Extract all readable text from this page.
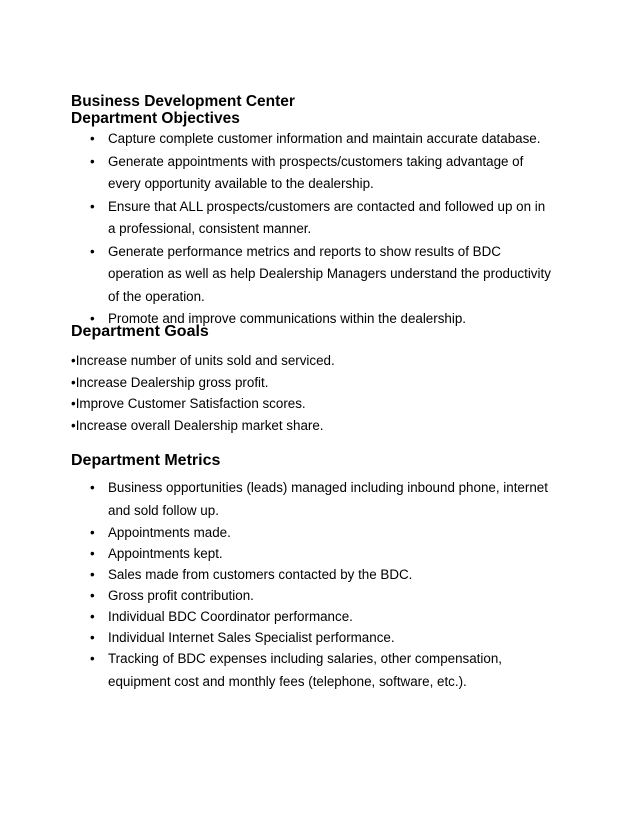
Business Development Center
Department Objectives
• Capture complete customer information and maintain accurate database.
• Generate appointments with prospects/customers taking advantage of every opportunity available to the dealership.
• Ensure that ALL prospects/customers are contacted and followed up on in a professional, consistent manner.
• Generate performance metrics and reports to show results of BDC operation as well as help Dealership Managers understand the productivity of the operation.
• Promote and improve communications within the dealership.
Department Goals
•Increase number of units sold and serviced.
•Increase Dealership gross profit.
•Improve Customer Satisfaction scores.
•Increase overall Dealership market share.
Department Metrics
• Business opportunities (leads) managed including inbound phone, internet and sold follow up.
• Appointments made.
• Appointments kept.
• Sales made from customers contacted by the BDC.
• Gross profit contribution.
• Individual BDC Coordinator performance.
• Individual Internet Sales Specialist performance.
• Tracking of BDC expenses including salaries, other compensation, equipment cost and monthly fees (telephone, software, etc.).
